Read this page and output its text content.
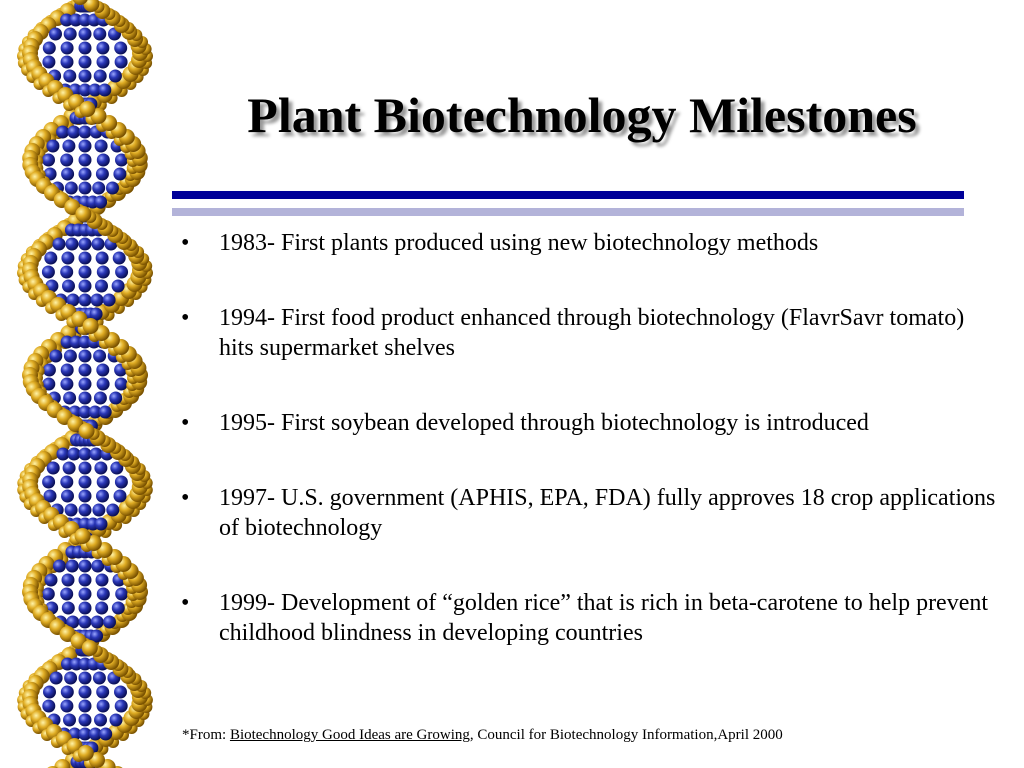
Plant Biotechnology Milestones
• 1983- First plants produced using new biotechnology methods
• 1994- First food product enhanced through biotechnology (FlavrSavr tomato) hits supermarket shelves
• 1995- First soybean developed through biotechnology is introduced
• 1997- U.S. government (APHIS, EPA, FDA) fully approves 18 crop applications of biotechnology
• 1999- Development of “golden rice” that is rich in beta-carotene to help prevent childhood blindness in developing countries
*From: Biotechnology Good Ideas are Growing, Council for Biotechnology Information,April 2000
